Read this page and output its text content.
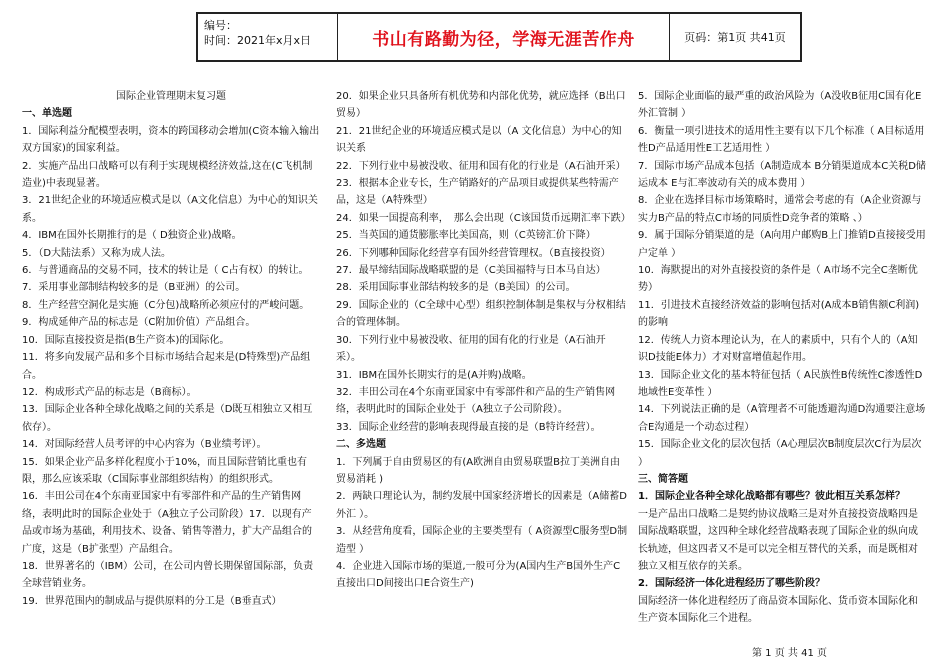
编号：
时间：2021年x月x日	书山有路勤为径，学海无涯苦作舟	页码：第1页 共41页

国际企业管理期末复习题

一、单选题

1．国际利益分配模型表明，资本的跨国移动会增加(C资本输入输出双方国家)的国家利益。

2．实施产品出口战略可以有利于实现规模经济效益,这在(C飞机制造业)中表现显著。

3．21世纪企业的环境适应模式是以（A文化信息）为中心的知识关系。

4．IBM在国外长期推行的是（ D独资企业)战略。

5．（D大陆法系）又称为成人法。

6．与普通商品的交易不同，技术的转让是（ C占有权）的转让。

7．采用事业部制结构较多的是（B亚洲）的公司。

8．生产经营空洞化是实施（C分包)战略所必须应付的严峻问题。

9．构成延伸产品的标志是（C附加价值）产品组合。

10．国际直接投资是指(B生产资本)的国际化。

11．将多向发展产品和多个目标市场结合起来是(D特殊型)产品组合。

12．构成形式产品的标志是（B商标）。

13．国际企业各种全球化战略之间的关系是（D既互相独立又相互依存）。

14．对国际经营人员考评的中心内容为（B业绩考评）。

15．如果企业产品多样化程度小于10%，而且国际营销比重也有限，那么应该采取（C国际事业部组织结构）的组织形式。

16．丰田公司在4个东南亚国家中有零部件和产品的生产销售网络，表明此时的国际企业处于（A独立子公司阶段）17．以现有产品或市场为基础，利用技术、设备、销售等潜力，扩大产品组合的广度，这是（B扩张型）产品组合。

18．世界著名的（IBM）公司，在公司内曾长期保留国际部，负责全球营销业务。

19．世界范围内的制成品与提供原料的分工是（B垂直式）

20．如果企业只具备所有机优势和内部化优势，就应选择（B出口贸易）

21．21世纪企业的环境适应模式是以（A 文化信息）为中心的知识关系

22．下列行业中易被没收、征用和国有化的行业是（A石油开采）

23．根据本企业专长，生产销路好的产品项目或提供某些特需产品，这是（A特殊型）

24．如果一国提高利率，　那么会出现（C该国货币远期汇率下跌）

25．当英国的通货膨胀率比美国高，则（C英镑汇价下降）

26．下列哪种国际化经营享有国外经营管理权。（B直接投资）

27．最早缔结国际战略联盟的是（C美国福特与日本马自达）

28．采用国际事业部结构较多的是（B美国）的公司。

29．国际企业的（C全球中心型）组织控制体制是集权与分权相结合的管理体制。

30．下列行业中易被没收、征用的国有化的行业是（A石油开采）。

31．IBM在国外长期实行的是(A并购)战略。

32．丰田公司在4个东南亚国家中有零部件和产品的生产销售网络，表明此时的国际企业处于（A独立子公司阶段）。

33．国际企业经营的影响表现得最直接的是（B特许经营）。

二、多选题

1．下列属于自由贸易区的有(A欧洲自由贸易联盟B拉丁美洲自由贸易消耗 )

2．两缺口理论认为，制约发展中国家经济增长的因素是（A储蓄D外汇 ）。

3．从经营角度看，国际企业的主要类型有（ A资源型C服务型D制造型 ）

4．企业进入国际市场的渠道,一般可分为(A国内生产B国外生产C直接出口D间接出口E合资生产)

5．国际企业面临的最严重的政治风险为（A没收B征用C国有化E外汇管制 ）

6．衡量一项引进技术的适用性主要有以下几个标准（ A目标适用性D产品适用性E工艺适用性 ）

7．国际市场产品成本包括（A制造成本 B分销渠道成本C关税D储运成本 E与汇率波动有关的成本费用 ）

8．企业在选择目标市场策略时，通常会考虑的有（A企业资源与实力B产品的特点C市场的同质性D竞争者的策略 、）

9．属于国际分销渠道的是（A向用户邮购B上门推销D直接接受用户定单 ）

10．海默提出的对外直接投资的条件是（ A市场不完全C垄断优势）

11．引进技术直接经济效益的影响包括对(A成本B销售额C利润)的影响

12．传统人力资本理论认为，在人的素质中，只有个人的（A知识D技能E体力）才对财富增值起作用。

13．国际企业文化的基本特征包括（ A民族性B传统性C渗透性D地域性E变革性 ）

14．下列说法正确的是（A管理者不可能透避沟通D沟通要注意场合E沟通是一个动态过程）

15．国际企业文化的层次包括（A心理层次B制度层次C行为层次 ）

三、简答题

1．国际企业各种全球化战略都有哪些？彼此相互关系怎样？

一是产品出口战略二是契约协议战略三是对外直接投资战略四是国际战略联盟，这四种全球化经营战略表现了国际企业的纵向成长轨迹，但这四者又不是可以完全相互替代的关系，而是既相对独立又相互依存的关系。

2．国际经济一体化进程经历了哪些阶段？

国际经济一体化进程经历了商品资本国际化、货币资本国际化和生产资本国际化三个进程。

第 1 页 共 41 页
